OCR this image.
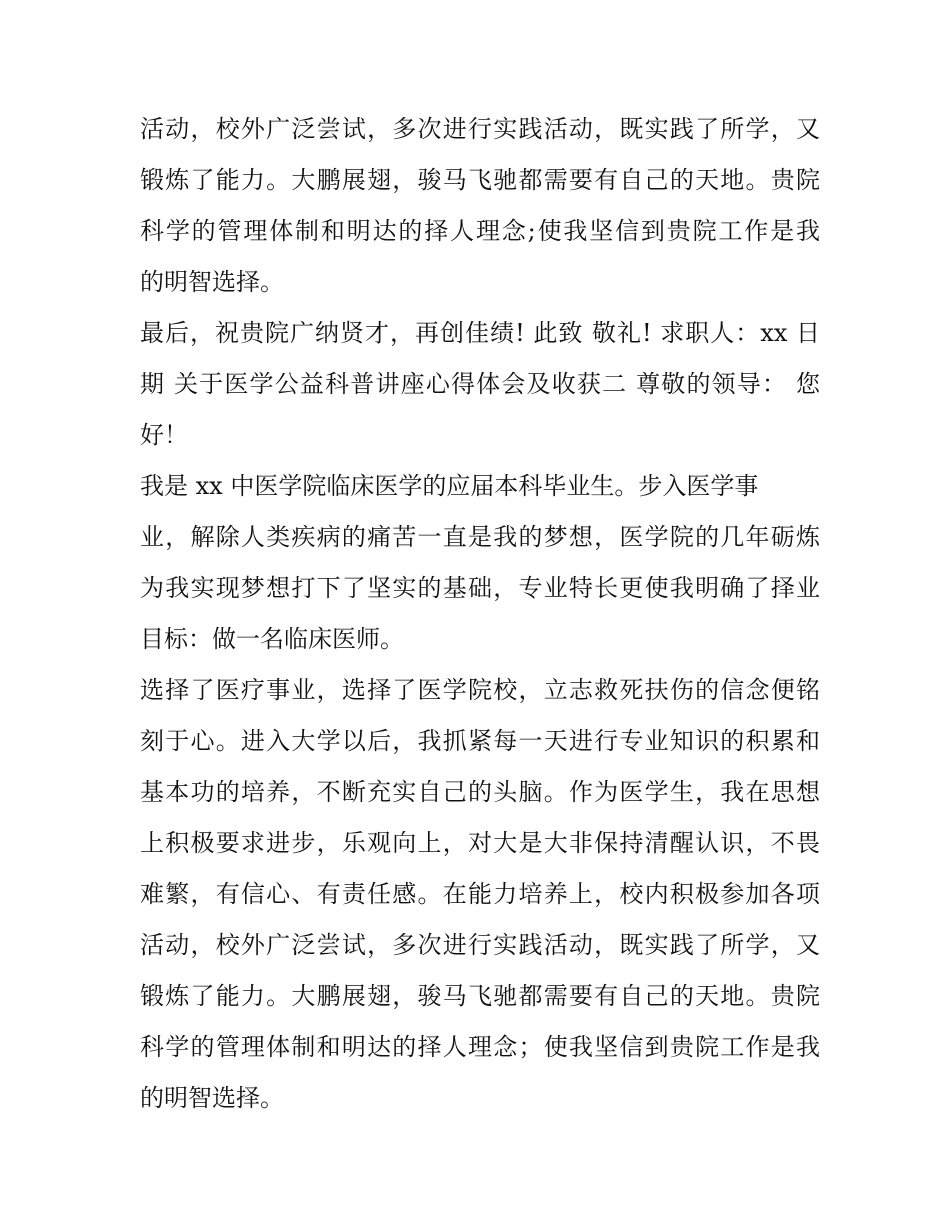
活动，校外广泛尝试，多次进行实践活动，既实践了所学，又
锻炼了能力。大鹏展翅，骏马飞驰都需要有自己的天地。贵院
科学的管理体制和明达的择人理念;使我坚信到贵院工作是我
的明智选择。
最后，祝贵院广纳贤才，再创佳绩! 此致 敬礼! 求职人：xx 日
期 关于医学公益科普讲座心得体会及收获二 尊敬的领导： 您
好！
我是 xx 中医学院临床医学的应届本科毕业生。步入医学事
业，解除人类疾病的痛苦一直是我的梦想，医学院的几年砺炼
为我实现梦想打下了坚实的基础，专业特长更使我明确了择业
目标：做一名临床医师。
选择了医疗事业，选择了医学院校，立志救死扶伤的信念便铭
刻于心。进入大学以后，我抓紧每一天进行专业知识的积累和
基本功的培养，不断充实自己的头脑。作为医学生，我在思想
上积极要求进步，乐观向上，对大是大非保持清醒认识，不畏
难繁，有信心、有责任感。在能力培养上，校内积极参加各项
活动，校外广泛尝试，多次进行实践活动，既实践了所学，又
锻炼了能力。大鹏展翅，骏马飞驰都需要有自己的天地。贵院
科学的管理体制和明达的择人理念；使我坚信到贵院工作是我
的明智选择。
